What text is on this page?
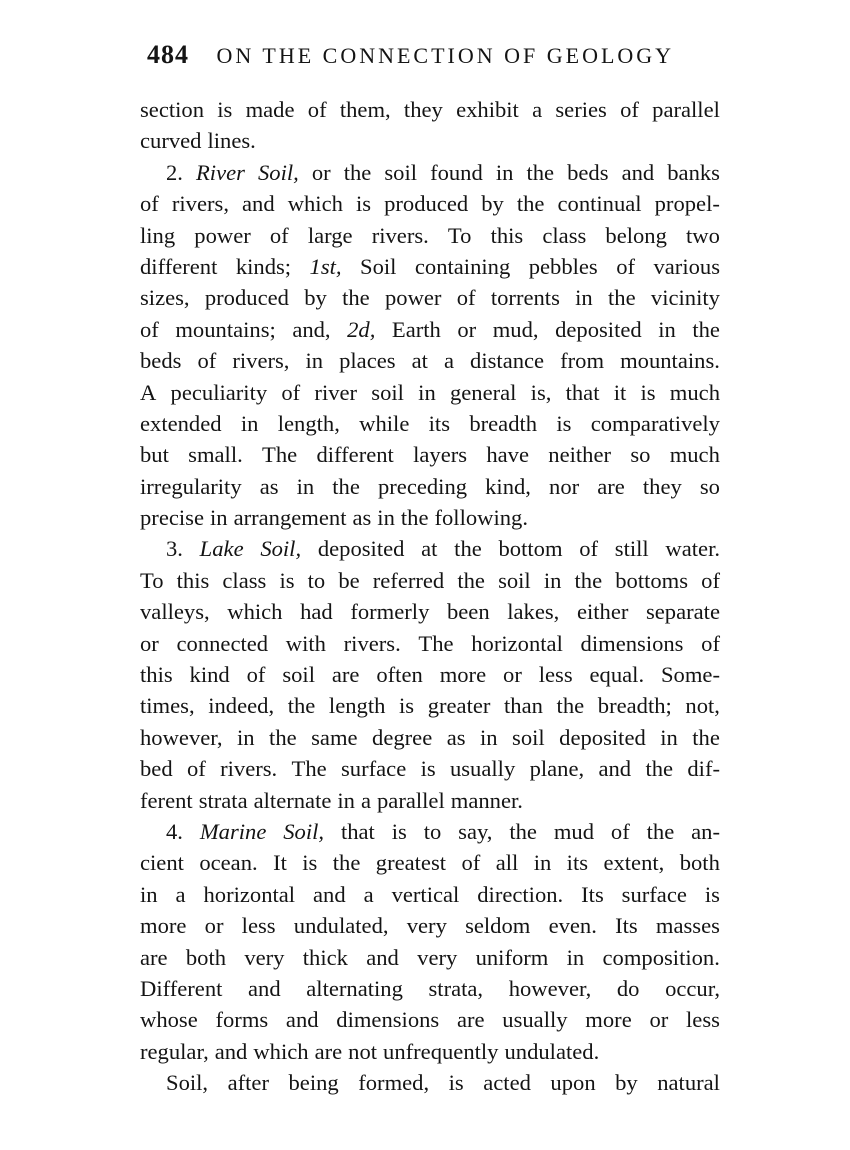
484 ON THE CONNECTION OF GEOLOGY
section is made of them, they exhibit a series of parallel
curved lines.
2. River Soil, or the soil found in the beds and banks
of rivers, and which is produced by the continual propel-
ling power of large rivers. To this class belong two
different kinds; 1st, Soil containing pebbles of various
sizes, produced by the power of torrents in the vicinity
of mountains; and, 2d, Earth or mud, deposited in the
beds of rivers, in places at a distance from mountains.
A peculiarity of river soil in general is, that it is much
extended in length, while its breadth is comparatively
but small. The different layers have neither so much
irregularity as in the preceding kind, nor are they so
precise in arrangement as in the following.
3. Lake Soil, deposited at the bottom of still water.
To this class is to be referred the soil in the bottoms of
valleys, which had formerly been lakes, either separate
or connected with rivers. The horizontal dimensions of
this kind of soil are often more or less equal. Some-
times, indeed, the length is greater than the breadth; not,
however, in the same degree as in soil deposited in the
bed of rivers. The surface is usually plane, and the dif-
ferent strata alternate in a parallel manner.
4. Marine Soil, that is to say, the mud of the an-
cient ocean. It is the greatest of all in its extent, both
in a horizontal and a vertical direction. Its surface is
more or less undulated, very seldom even. Its masses
are both very thick and very uniform in composition.
Different and alternating strata, however, do occur,
whose forms and dimensions are usually more or less
regular, and which are not unfrequently undulated.
Soil, after being formed, is acted upon by natural
